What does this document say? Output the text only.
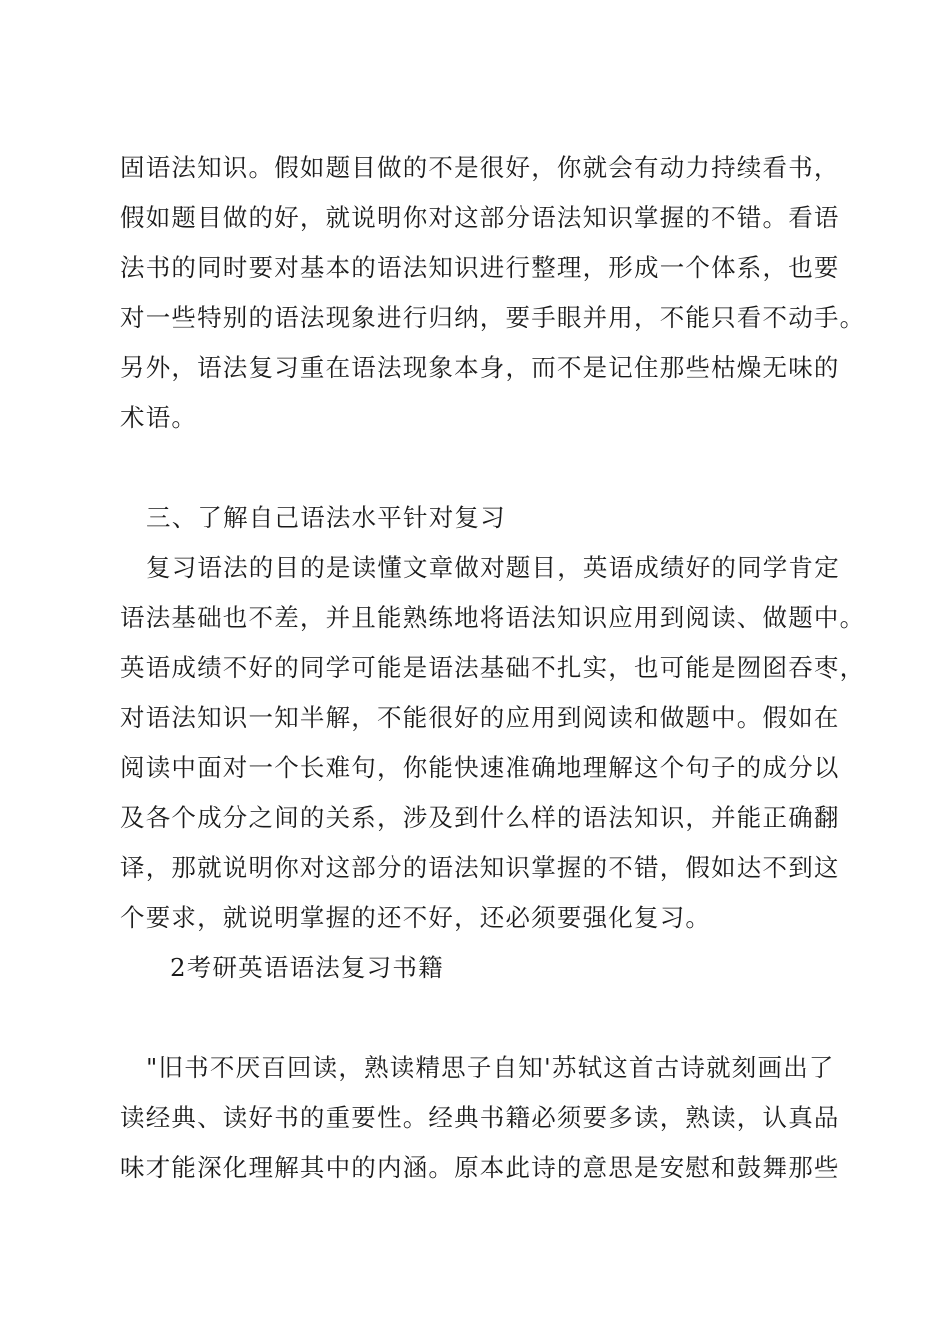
固语法知识。假如题目做的不是很好，你就会有动力持续看书，
假如题目做的好，就说明你对这部分语法知识掌握的不错。看语
法书的同时要对基本的语法知识进行整理，形成一个体系，也要
对一些特别的语法现象进行归纳，要手眼并用，不能只看不动手。
另外，语法复习重在语法现象本身，而不是记住那些枯燥无味的
术语。
三、了解自己语法水平针对复习
复习语法的目的是读懂文章做对题目，英语成绩好的同学肯定
语法基础也不差，并且能熟练地将语法知识应用到阅读、做题中。
英语成绩不好的同学可能是语法基础不扎实，也可能是囫囵吞枣，
对语法知识一知半解，不能很好的应用到阅读和做题中。假如在
阅读中面对一个长难句，你能快速准确地理解这个句子的成分以
及各个成分之间的关系，涉及到什么样的语法知识，并能正确翻
译，那就说明你对这部分的语法知识掌握的不错，假如达不到这
个要求，就说明掌握的还不好，还必须要强化复习。
2考研英语语法复习书籍
"旧书不厌百回读，熟读精思子自知'苏轼这首古诗就刻画出了
读经典、读好书的重要性。经典书籍必须要多读，熟读，认真品
味才能深化理解其中的内涵。原本此诗的意思是安慰和鼓舞那些
